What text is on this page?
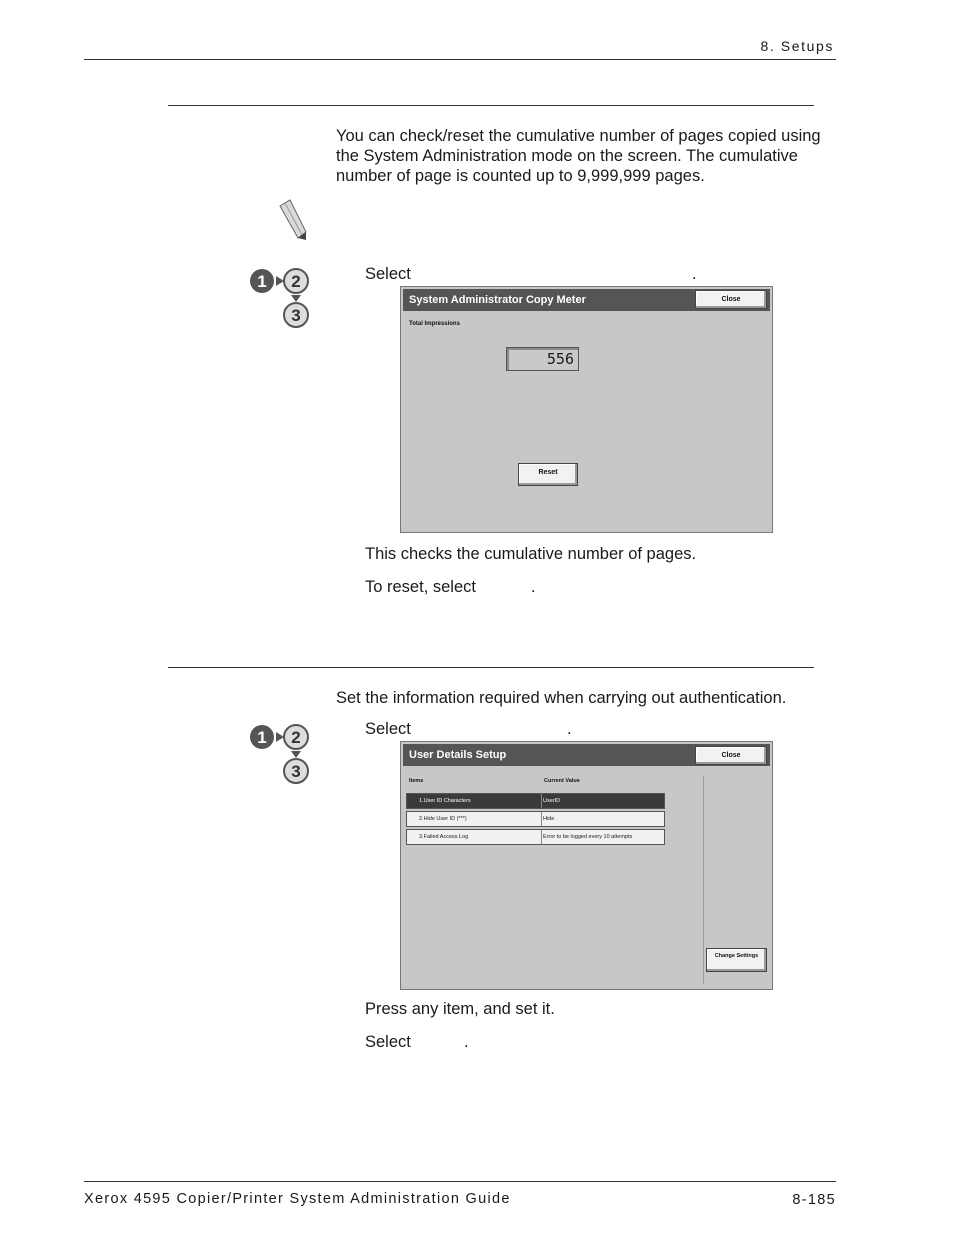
8. Setups
You can check/reset the cumulative number of pages copied using the System Administration mode on the screen. The cumulative number of page is counted up to 9,999,999 pages.
1 2
3
Select	.
System Administrator Copy Meter	Close
Total Impressions
556
Reset
This checks the cumulative number of pages.
To reset, select	.
Set the information required when carrying out authentication.
1 2
3
Select	.
User Details Setup	Close
Items	Current Value
1.User ID Characters	UserID
2.Hide User ID (***)	Hide
3.Failed Access Log	Error to be logged every 10 attempts
Change Settings
Press any item, and set it.
Select	.
Xerox 4595 Copier/Printer System Administration Guide	8-185
